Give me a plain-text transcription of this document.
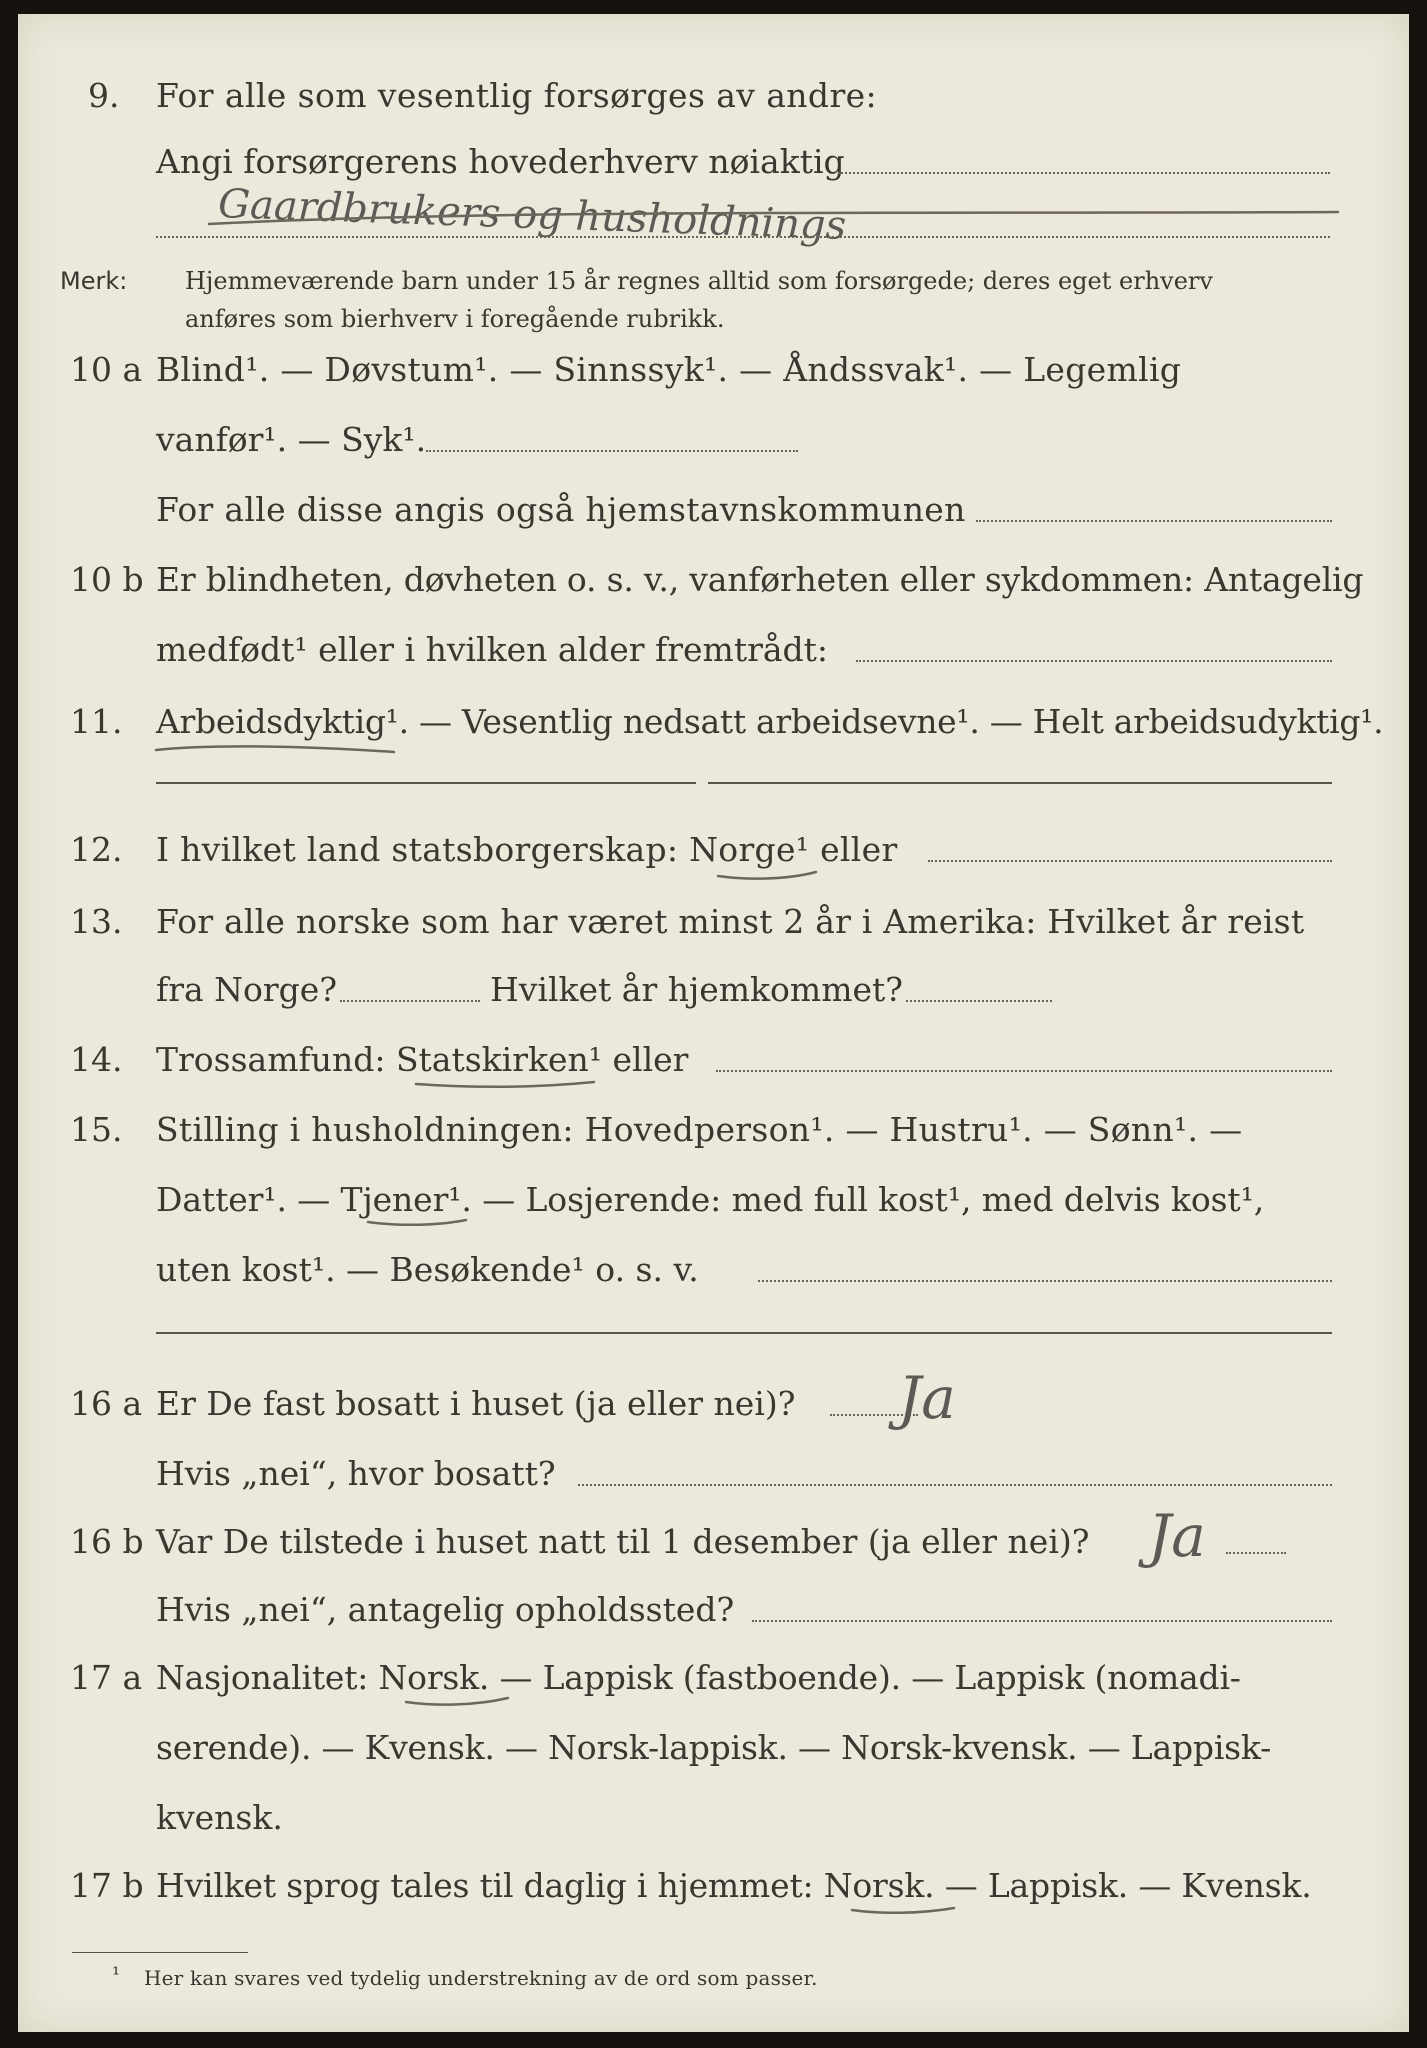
9. For alle som vesentlig forsørges av andre:
Angi forsørgerens hovederhverv nøiaktig
Gaardbrukers og husholdnings
Merk: Hjemmeværende barn under 15 år regnes alltid som forsørgede; deres eget erhverv
anføres som bierhverv i foregående rubrikk.
10 a Blind¹. — Døvstum¹. — Sinnssyk¹. — Åndssvak¹. — Legemlig
vanfør¹. — Syk¹.
For alle disse angis også hjemstavnskommunen
10 b Er blindheten, døvheten o. s. v., vanførheten eller sykdommen: Antagelig
medfødt¹ eller i hvilken alder fremtrådt:
11. Arbeidsdyktig¹. — Vesentlig nedsatt arbeidsevne¹. — Helt arbeidsudyktig¹.
12. I hvilket land statsborgerskap: Norge¹ eller
13. For alle norske som har været minst 2 år i Amerika: Hvilket år reist
fra Norge?	Hvilket år hjemkommet?
14. Trossamfund: Statskirken¹ eller
15. Stilling i husholdningen: Hovedperson¹. — Hustru¹. — Sønn¹. —
Datter¹. — Tjener¹. — Losjerende: med full kost¹, med delvis kost¹,
uten kost¹. — Besøkende¹ o. s. v.
16 a Er De fast bosatt i huset (ja eller nei)? Ja
Hvis „nei“, hvor bosatt?
16 b Var De tilstede i huset natt til 1 desember (ja eller nei)? Ja
Hvis „nei“, antagelig opholdssted?
17 a Nasjonalitet: Norsk. — Lappisk (fastboende). — Lappisk (nomadi-
serende). — Kvensk. — Norsk-lappisk. — Norsk-kvensk. — Lappisk-
kvensk.
17 b Hvilket sprog tales til daglig i hjemmet: Norsk. — Lappisk. — Kvensk.
¹ Her kan svares ved tydelig understrekning av de ord som passer.
